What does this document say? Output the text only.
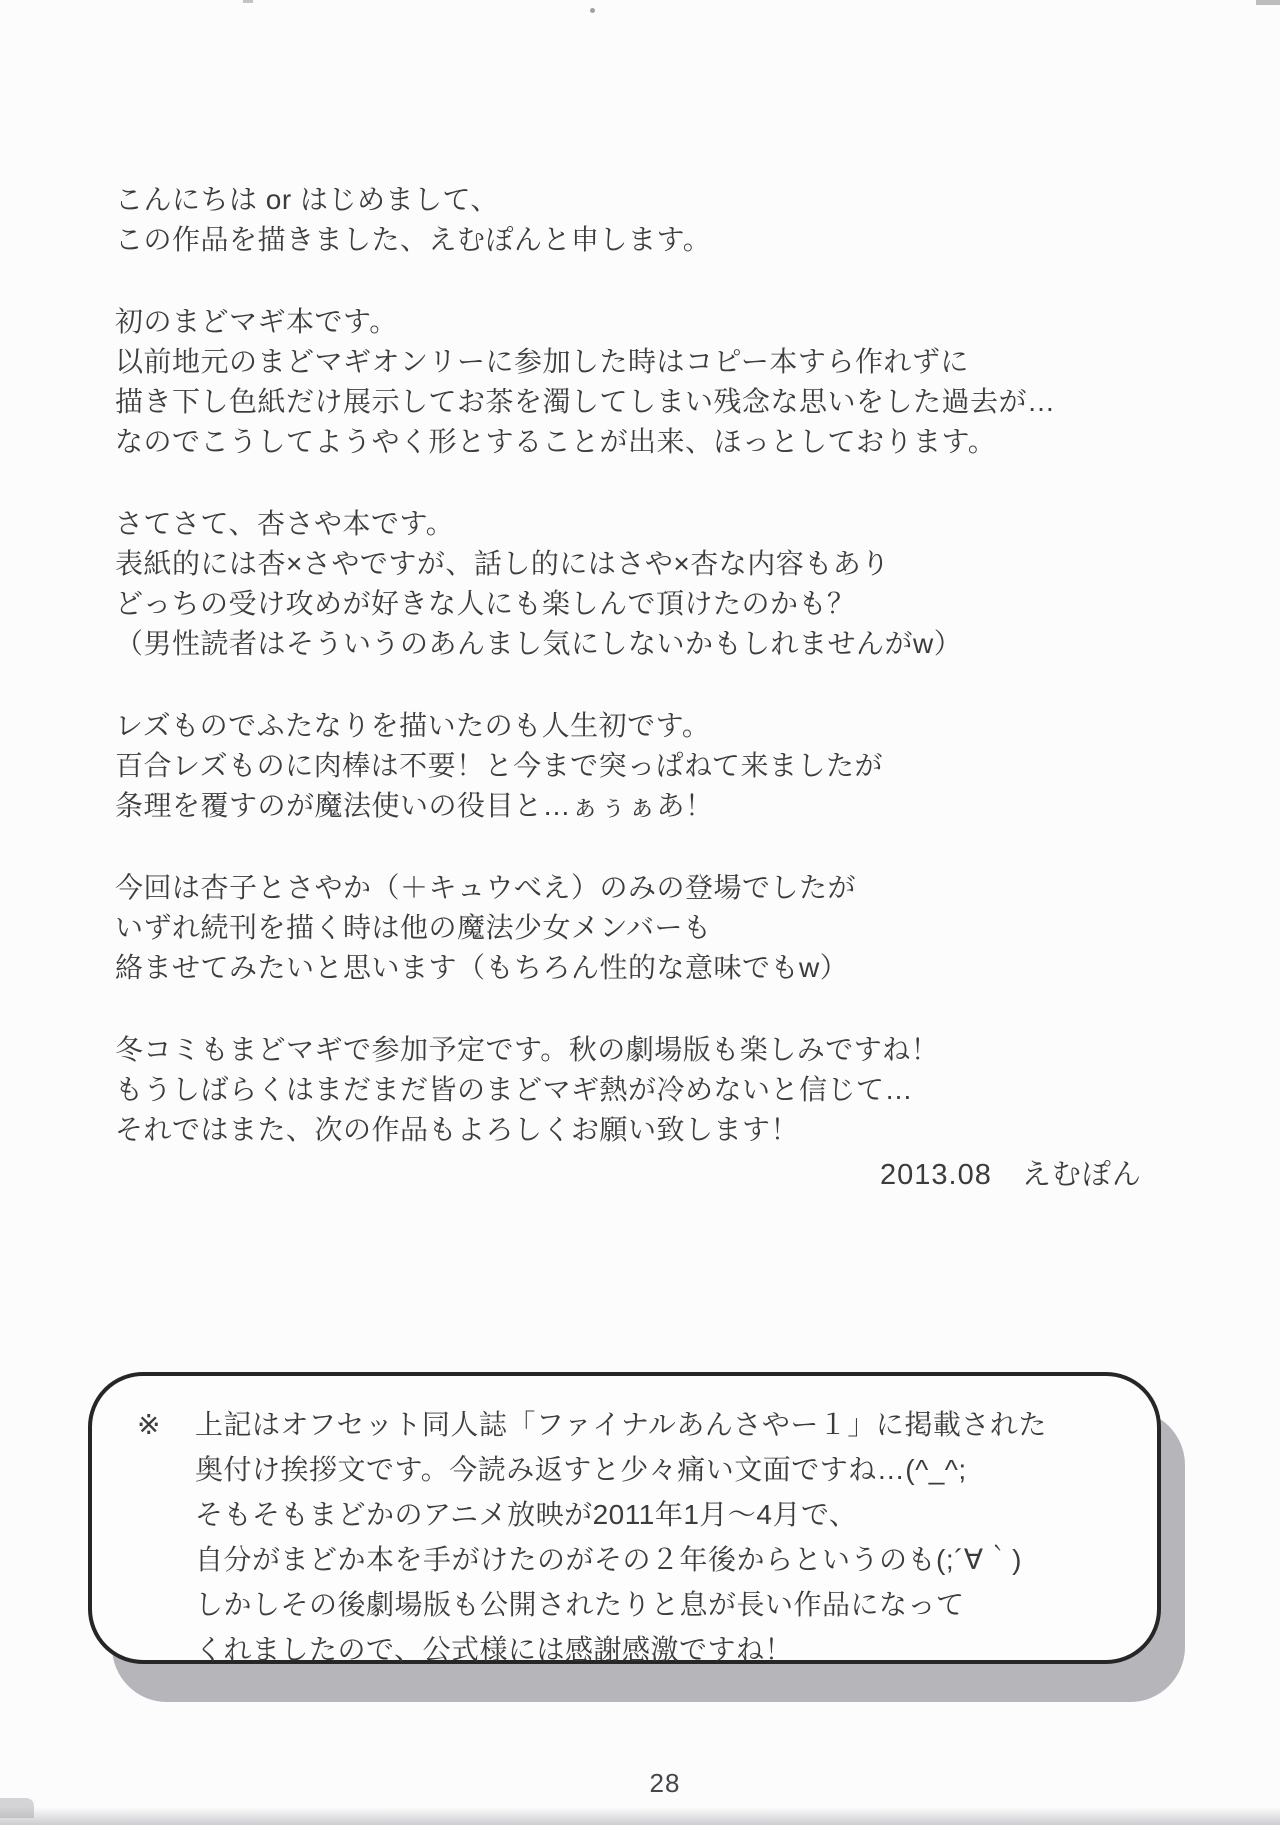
こんにちは or はじめまして、
この作品を描きました、えむぽんと申します。
初のまどマギ本です。
以前地元のまどマギオンリーに参加した時はコピー本すら作れずに
描き下し色紙だけ展示してお茶を濁してしまい残念な思いをした過去が…
なのでこうしてようやく形とすることが出来、ほっとしております。
さてさて、杏さや本です。
表紙的には杏×さやですが、話し的にはさや×杏な内容もあり
どっちの受け攻めが好きな人にも楽しんで頂けたのかも？
（男性読者はそういうのあんまし気にしないかもしれませんがw）
レズものでふたなりを描いたのも人生初です。
百合レズものに肉棒は不要！と今まで突っぱねて来ましたが
条理を覆すのが魔法使いの役目と…ぁぅぁあ！
今回は杏子とさやか（＋キュウべえ）のみの登場でしたが
いずれ続刊を描く時は他の魔法少女メンバーも
絡ませてみたいと思います（もちろん性的な意味でもw）
冬コミもまどマギで参加予定です。秋の劇場版も楽しみですね！
もうしばらくはまだまだ皆のまどマギ熱が冷めないと信じて…
それではまた、次の作品もよろしくお願い致します！
2013.08　えむぽん
※	上記はオフセット同人誌「ファイナルあんさやー１」に掲載された
奥付け挨拶文です。今読み返すと少々痛い文面ですね…(^_^;
そもそもまどかのアニメ放映が2011年1月～4月で、
自分がまどか本を手がけたのがその２年後からというのも(;´∀｀)
しかしその後劇場版も公開されたりと息が長い作品になって
くれましたので、公式様には感謝感激ですね！
28
